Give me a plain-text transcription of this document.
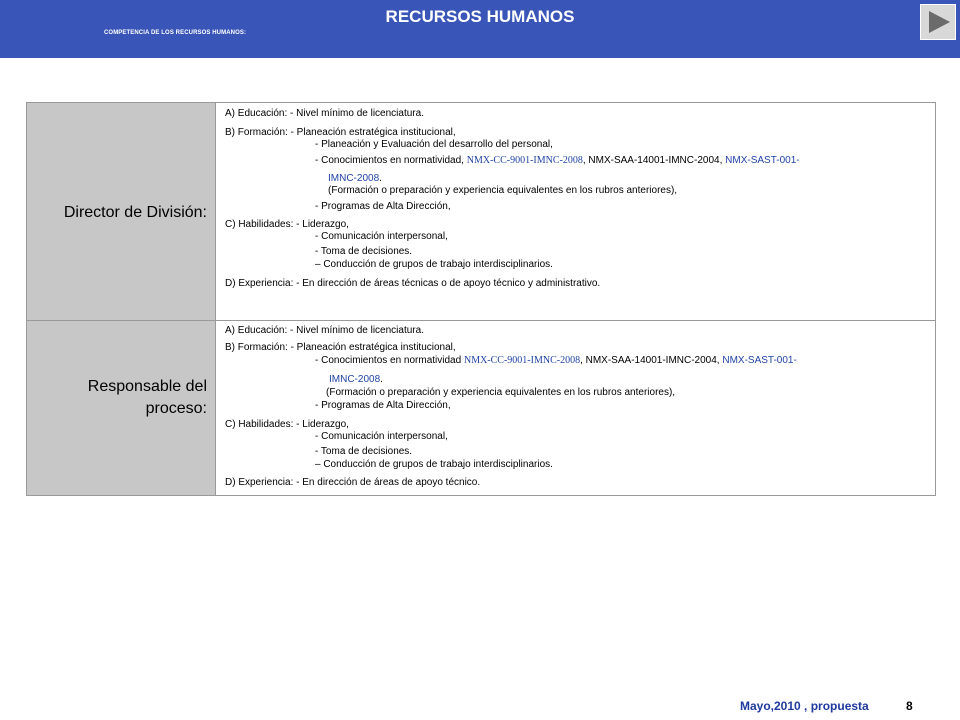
RECURSOS HUMANOS
COMPETENCIA DE LOS RECURSOS HUMANOS:
Director de División:
A) Educación: - Nivel mínimo de licenciatura.
B) Formación: - Planeación estratégica institucional,
- Planeación y Evaluación del desarrollo del personal,
- Conocimientos en normatividad, NMX-CC-9001-IMNC-2008, NMX-SAA-14001-IMNC-2004, NMX-SAST-001-
IMNC-2008.
(Formación o preparación y experiencia equivalentes en los rubros anteriores),
- Programas de Alta Dirección,
C) Habilidades: - Liderazgo,
- Comunicación interpersonal,
- Toma de decisiones.
– Conducción de grupos de trabajo interdisciplinarios.
D) Experiencia: - En dirección de áreas técnicas o de apoyo técnico y administrativo.
Responsable del
proceso:
A) Educación: - Nivel mínimo de licenciatura.
B) Formación: - Planeación estratégica institucional,
- Conocimientos en normatividad NMX-CC-9001-IMNC-2008, NMX-SAA-14001-IMNC-2004, NMX-SAST-001-
IMNC-2008.
(Formación o preparación y experiencia equivalentes en los rubros anteriores),
- Programas de Alta Dirección,
C) Habilidades: - Liderazgo,
- Comunicación interpersonal,
- Toma de decisiones.
– Conducción de grupos de trabajo interdisciplinarios.
D) Experiencia: - En dirección de áreas de apoyo técnico.
Mayo,2010 , propuesta	8
